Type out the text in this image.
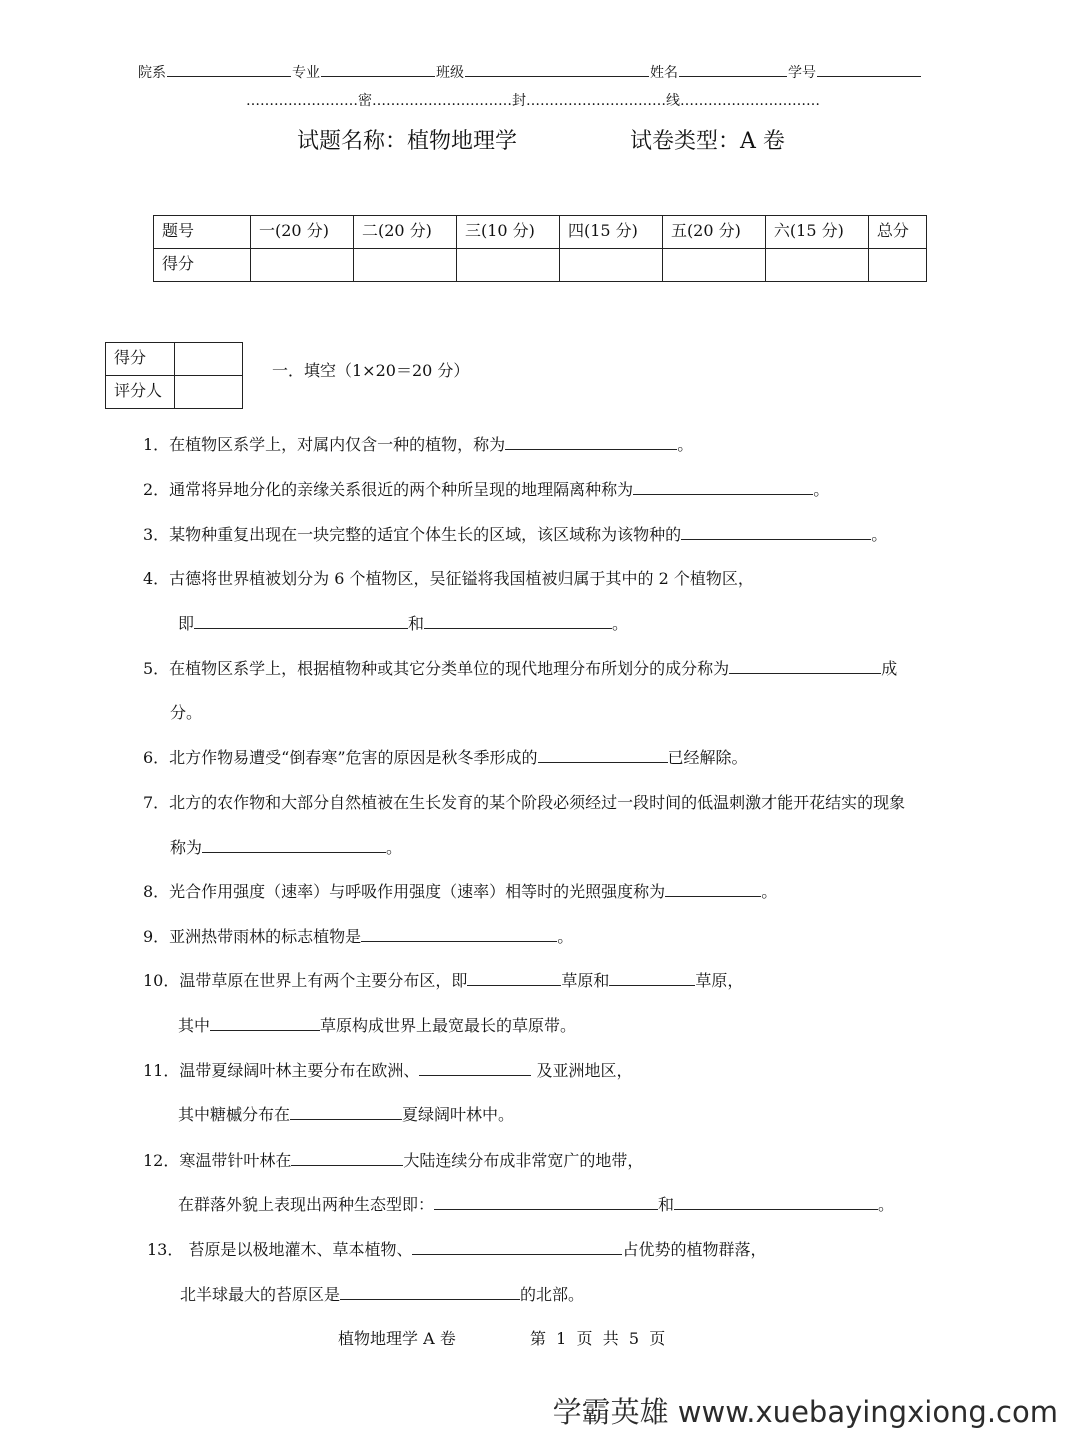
院系	专业	班级	姓名	学号
……………………密…………………………封…………………………线…………………………
试题名称：植物地理学	试卷类型：A 卷
题号	一(20 分)	二(20 分)	三(10 分)	四(15 分)	五(20 分)	六(15 分)	总分
得分							
得分	
评分人	
一．填空（1×20＝20 分）
1．在植物区系学上，对属内仅含一种的植物，称为	。
2．通常将异地分化的亲缘关系很近的两个种所呈现的地理隔离种称为	。
3．某物种重复出现在一块完整的适宜个体生长的区域，该区域称为该物种的	。
4．古德将世界植被划分为 6 个植物区，吴征镒将我国植被归属于其中的 2 个植物区，
即	和	。
5．在植物区系学上，根据植物种或其它分类单位的现代地理分布所划分的成分称为	成
分。
6．北方作物易遭受“倒春寒”危害的原因是秋冬季形成的	已经解除。
7．北方的农作物和大部分自然植被在生长发育的某个阶段必须经过一段时间的低温刺激才能开花结实的现象
称为	。
8．光合作用强度（速率）与呼吸作用强度（速率）相等时的光照强度称为	。
9．亚洲热带雨林的标志植物是	。
10．温带草原在世界上有两个主要分布区，即	草原和	草原，
其中	草原构成世界上最宽最长的草原带。
11．温带夏绿阔叶林主要分布在欧洲、	及亚洲地区，
其中糖槭分布在	夏绿阔叶林中。
12．寒温带针叶林在	大陆连续分布成非常宽广的地带，
在群落外貌上表现出两种生态型即：	和	。
13． 苔原是以极地灌木、草本植物、	占优势的植物群落，
北半球最大的苔原区是	的北部。
植物地理学 A 卷	第  1  页  共  5  页
学霸英雄 www.xuebayingxiong.com
